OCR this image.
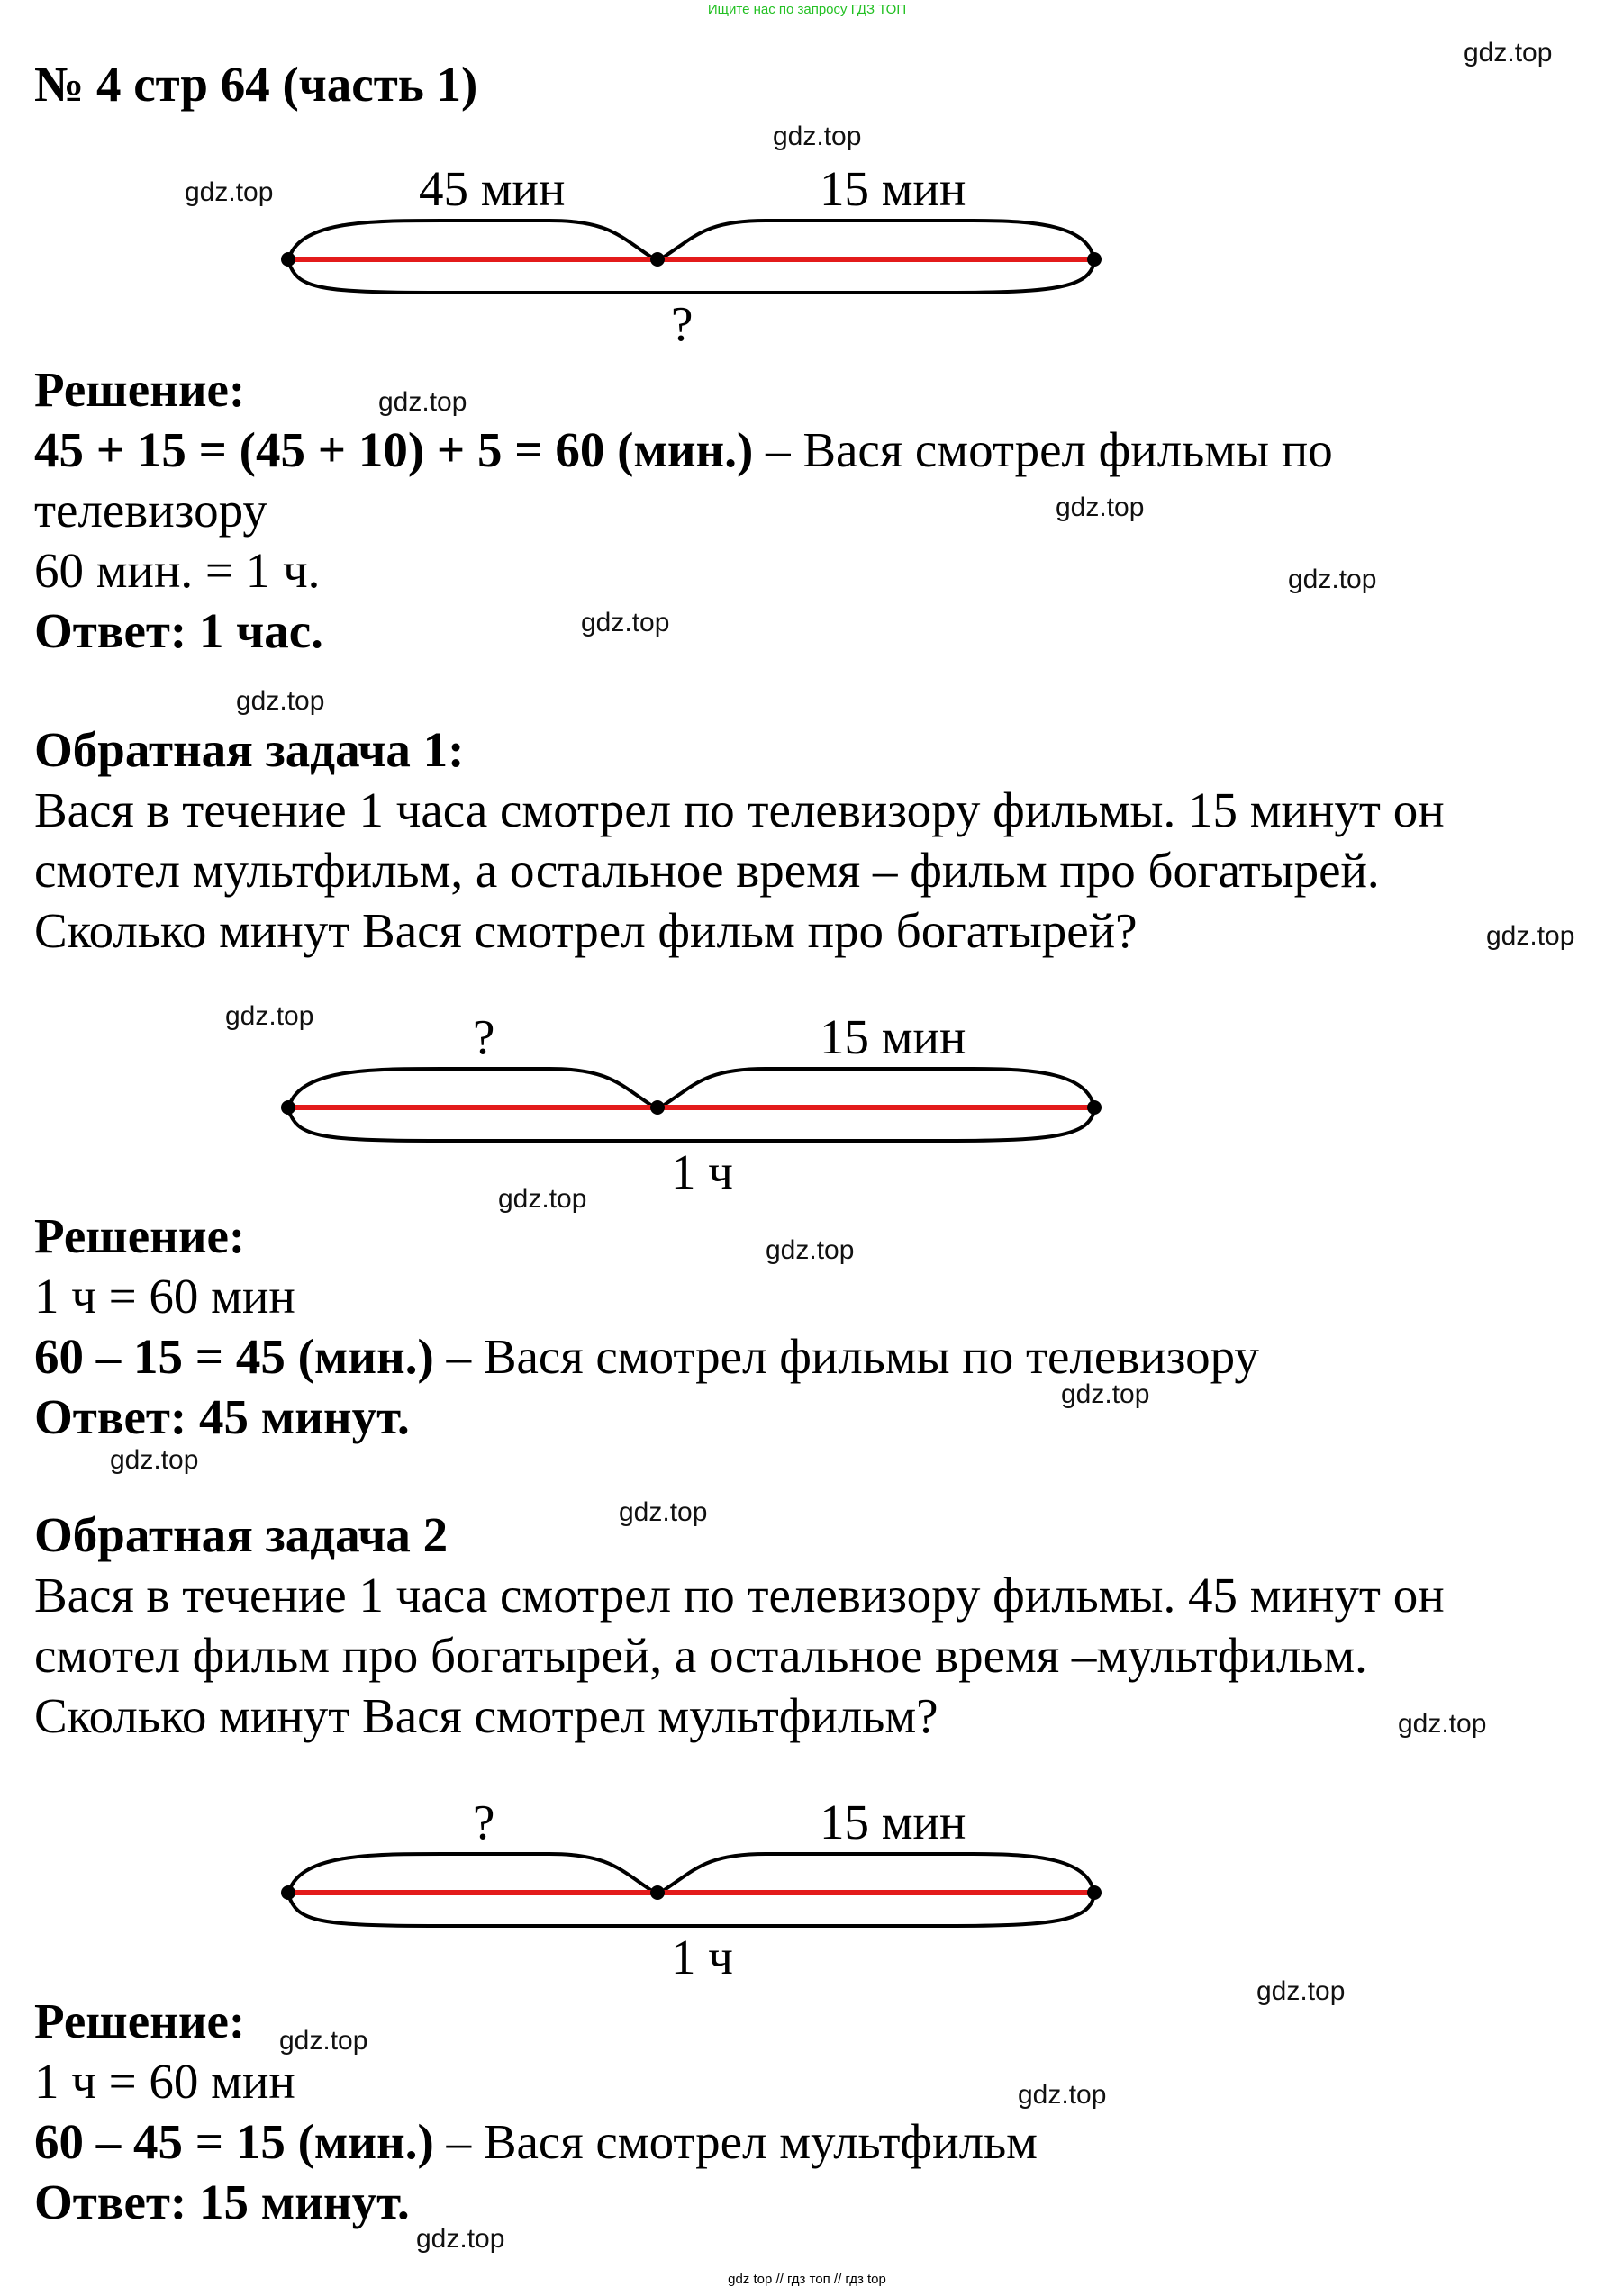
Ищите нас по запросу ГДЗ ТОП
№ 4 стр 64 (часть 1)
45 мин	15 мин
?
Решение:
45 + 15 = (45 + 10) + 5 = 60 (мин.) – Вася смотрел фильмы по
телевизору
60 мин. = 1 ч.
Ответ: 1 час.
Обратная задача 1:
Вася в течение 1 часа смотрел по телевизору фильмы. 15 минут он
смотел мультфильм, а остальное время – фильм про богатырей.
Сколько минут Вася смотрел фильм про богатырей?
?	15 мин
1 ч
Решение:
1 ч = 60 мин
60 – 15 = 45 (мин.) – Вася смотрел фильмы по телевизору
Ответ: 45 минут.
Обратная задача 2
Вася в течение 1 часа смотрел по телевизору фильмы. 45 минут он
смотел фильм про богатырей, а остальное время –мультфильм.
Сколько минут Вася смотрел мультфильм?
?	15 мин
1 ч
Решение:
1 ч = 60 мин
60 – 45 = 15 (мин.) – Вася смотрел мультфильм
Ответ: 15 минут.
gdz.top
gdz.top
gdz.top
gdz.top
gdz.top
gdz.top
gdz.top
gdz.top
gdz.top
gdz.top
gdz.top
gdz.top
gdz.top
gdz.top
gdz.top
gdz.top
gdz.top
gdz.top
gdz.top
gdz.top
gdz top // гдз топ // гдз top
